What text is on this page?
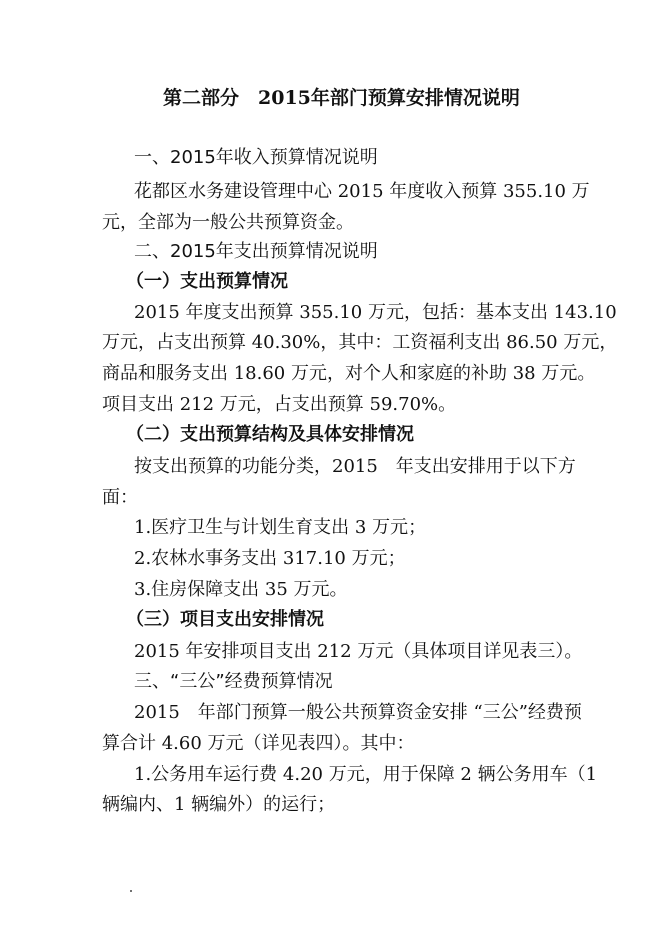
第二部分　2015年部门预算安排情况说明

一、2015年收入预算情况说明

花都区水务建设管理中心 2015 年度收入预算 355.10 万

元，全部为一般公共预算资金。

二、2015年支出预算情况说明

（一）支出预算情况

2015 年度支出预算 355.10 万元，包括：基本支出 143.10

万元，占支出预算 40.30%，其中：工资福利支出 86.50 万元，

商品和服务支出 18.60 万元，对个人和家庭的补助 38 万元。

项目支出 212 万元，占支出预算 59.70%。

（二）支出预算结构及具体安排情况

按支出预算的功能分类，2015　年支出安排用于以下方

面：

1.医疗卫生与计划生育支出 3 万元；

2.农林水事务支出 317.10 万元；

3.住房保障支出 35 万元。

（三）项目支出安排情况

2015 年安排项目支出 212 万元（具体项目详见表三）。

三、“三公”经费预算情况

2015　年部门预算一般公共预算资金安排 “三公”经费预

算合计 4.60 万元（详见表四）。其中：

1.公务用车运行费 4.20 万元，用于保障 2 辆公务用车（1

辆编内、1 辆编外）的运行；
